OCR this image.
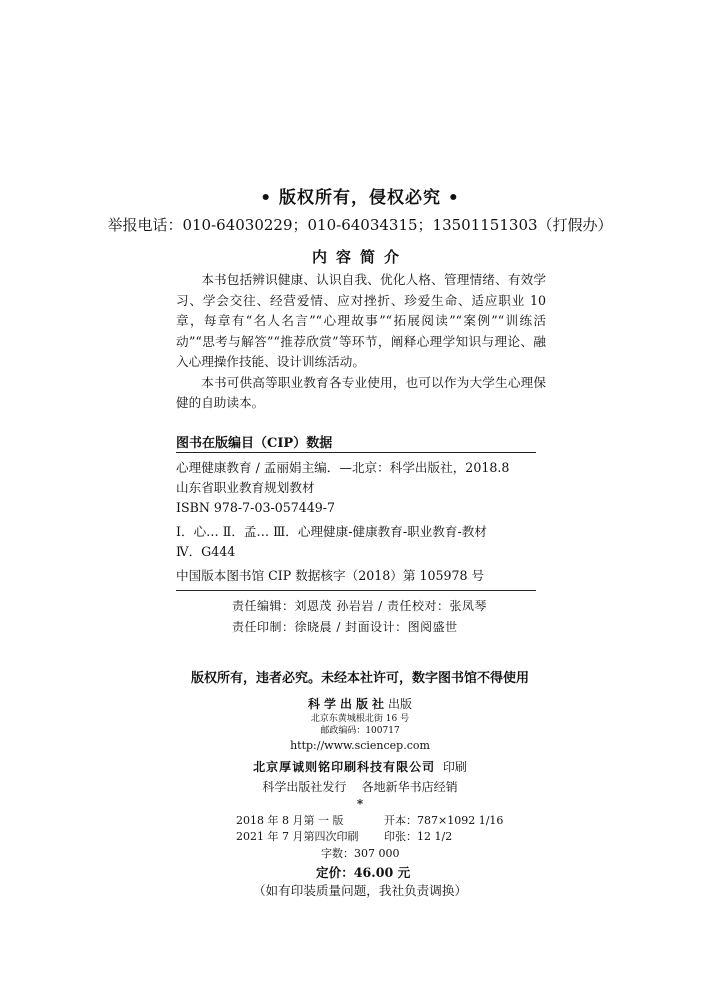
• 版权所有，侵权必究 •
举报电话：010-64030229；010-64034315；13501151303（打假办）
内容简介

本书包括辨识健康、认识自我、优化人格、管理情绪、有效学习、学会交往、经营爱情、应对挫折、珍爱生命、适应职业 10 章，每章有“名人名言”“心理故事”“拓展阅读”“案例”“训练活动”“思考与解答”“推荐欣赏”等环节，阐释心理学知识与理论、融入心理操作技能、设计训练活动。

本书可供高等职业教育各专业使用，也可以作为大学生心理保健的自助读本。

图书在版编目（CIP）数据
心理健康教育 / 孟丽娟主编．—北京：科学出版社，2018.8
山东省职业教育规划教材
ISBN 978-7-03-057449-7
Ⅰ．心… Ⅱ．孟… Ⅲ．心理健康-健康教育-职业教育-教材
Ⅳ．G444
中国版本图书馆 CIP 数据核字（2018）第 105978 号
责任编辑：刘恩茂 孙岩岩 / 责任校对：张凤琴
责任印制：徐晓晨 / 封面设计：图阅盛世
版权所有，违者必究。未经本社许可，数字图书馆不得使用
科学出版社出版
北京东黄城根北街 16 号
邮政编码：100717
http://www.sciencep.com
北京厚诚则铭印刷科技有限公司 印刷
科学出版社发行 各地新华书店经销
*
2018 年 8 月第 一 版	开本：787×1092 1/16
2021 年 7 月第四次印刷 印张：12 1/2
字数：307 000
定价：46.00 元
（如有印装质量问题，我社负责调换）
